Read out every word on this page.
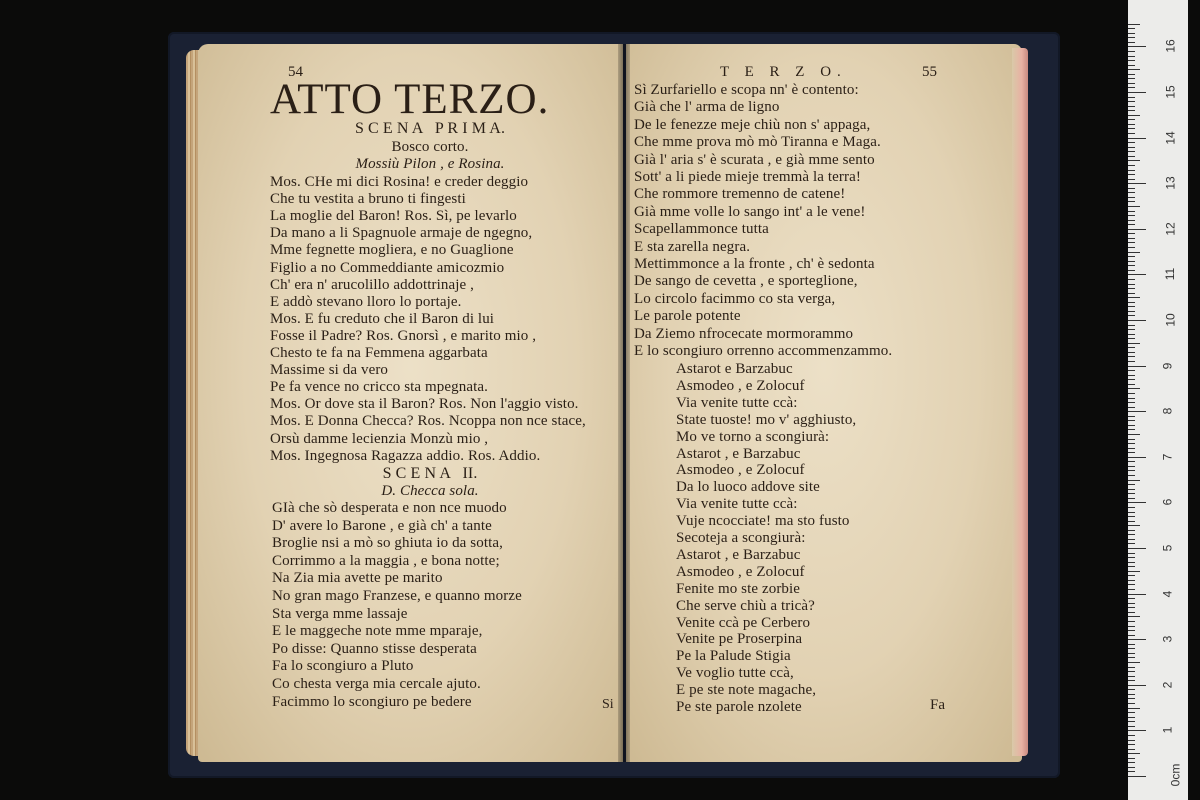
54
ATTO TERZO.
S C E N A   P R I M A.
Bosco corto.
Mossiù Pilon , e Rosina.
Mos. CHe mi dici Rosina! e creder deggio
Che tu vestita a bruno ti fingesti
La moglie del Baron! Ros. Sì, pe levarlo
Da mano a li Spagnuole armaje de ngegno,
Mme fegnette mogliera, e no Guaglione
Figlio a no Commeddiante amicozmio
Ch' era n' arucolillo addottrinaje ,
E addò stevano lloro lo portaje.
Mos. E fu creduto che il Baron di lui
Fosse il Padre? Ros. Gnorsì , e marito mio ,
Chesto te fa na Femmena aggarbata
Massime si da vero
Pe fa vence no cricco sta mpegnata.
Mos. Or dove sta il Baron? Ros. Non l'aggio visto.
Mos. E Donna Checca? Ros. Ncoppa non nce stace,
Orsù damme lecienzia Monzù mio ,
Mos. Ingegnosa Ragazza addio. Ros. Addio.
S C E N A   II.
D. Checca sola.
GIà che sò desperata e non nce muodo
D' avere lo Barone , e già ch' a tante
Broglie nsi a mò so ghiuta io da sotta,
Corrimmo a la maggia , e bona notte;
Na Zia mia avette pe marito
No gran mago Franzese, e quanno morze
Sta verga mme lassaje
E le maggeche note mme mparaje,
Po disse: Quanno stisse desperata
Fa lo scongiuro a Pluto
Co chesta verga mia cercale ajuto.
Facimmo lo scongiuro pe bedere	Si
T E R Z O.	55
Sì Zurfariello e scopa nn' è contento:
Già che l' arma de ligno
De le fenezze meje chiù non s' appaga,
Che mme prova mò mò Tiranna e Maga.
Già l' aria s' è scurata , e già mme sento
Sott' a li piede mieje tremmà la terra!
Che rommore tremenno de catene!
Già mme volle lo sango int' a le vene!
Scapellammonce tutta
E sta zarella negra.
Mettimmonce a la fronte , ch' è sedonta
De sango de cevetta , e sporteglione,
Lo circolo facimmo co sta verga,
Le parole potente
Da Ziemo nfrocecate mormorammo
E lo scongiuro orrenno accommenzammo.
Astarot e Barzabuc
Asmodeo , e Zolocuf
Via venite tutte ccà:
State tuoste! mo v' agghiusto,
Mo ve torno a scongiurà:
Astarot , e Barzabuc
Asmodeo , e Zolocuf
Da lo luoco addove site
Via venite tutte ccà:
Vuje ncocciate! ma sto fusto
Secoteja a scongiurà:
Astarot , e Barzabuc
Asmodeo , e Zolocuf
Fenite mo ste zorbie
Che serve chiù a tricà?
Venite ccà pe Cerbero
Venite pe Proserpina
Pe la Palude Stigia
Ve voglio tutte ccà,
E pe ste note magache,
Pe ste parole nzolete	Fa
0cm
1
2
3
4
5
6
7
8
9
10
11
12
13
14
15
16
